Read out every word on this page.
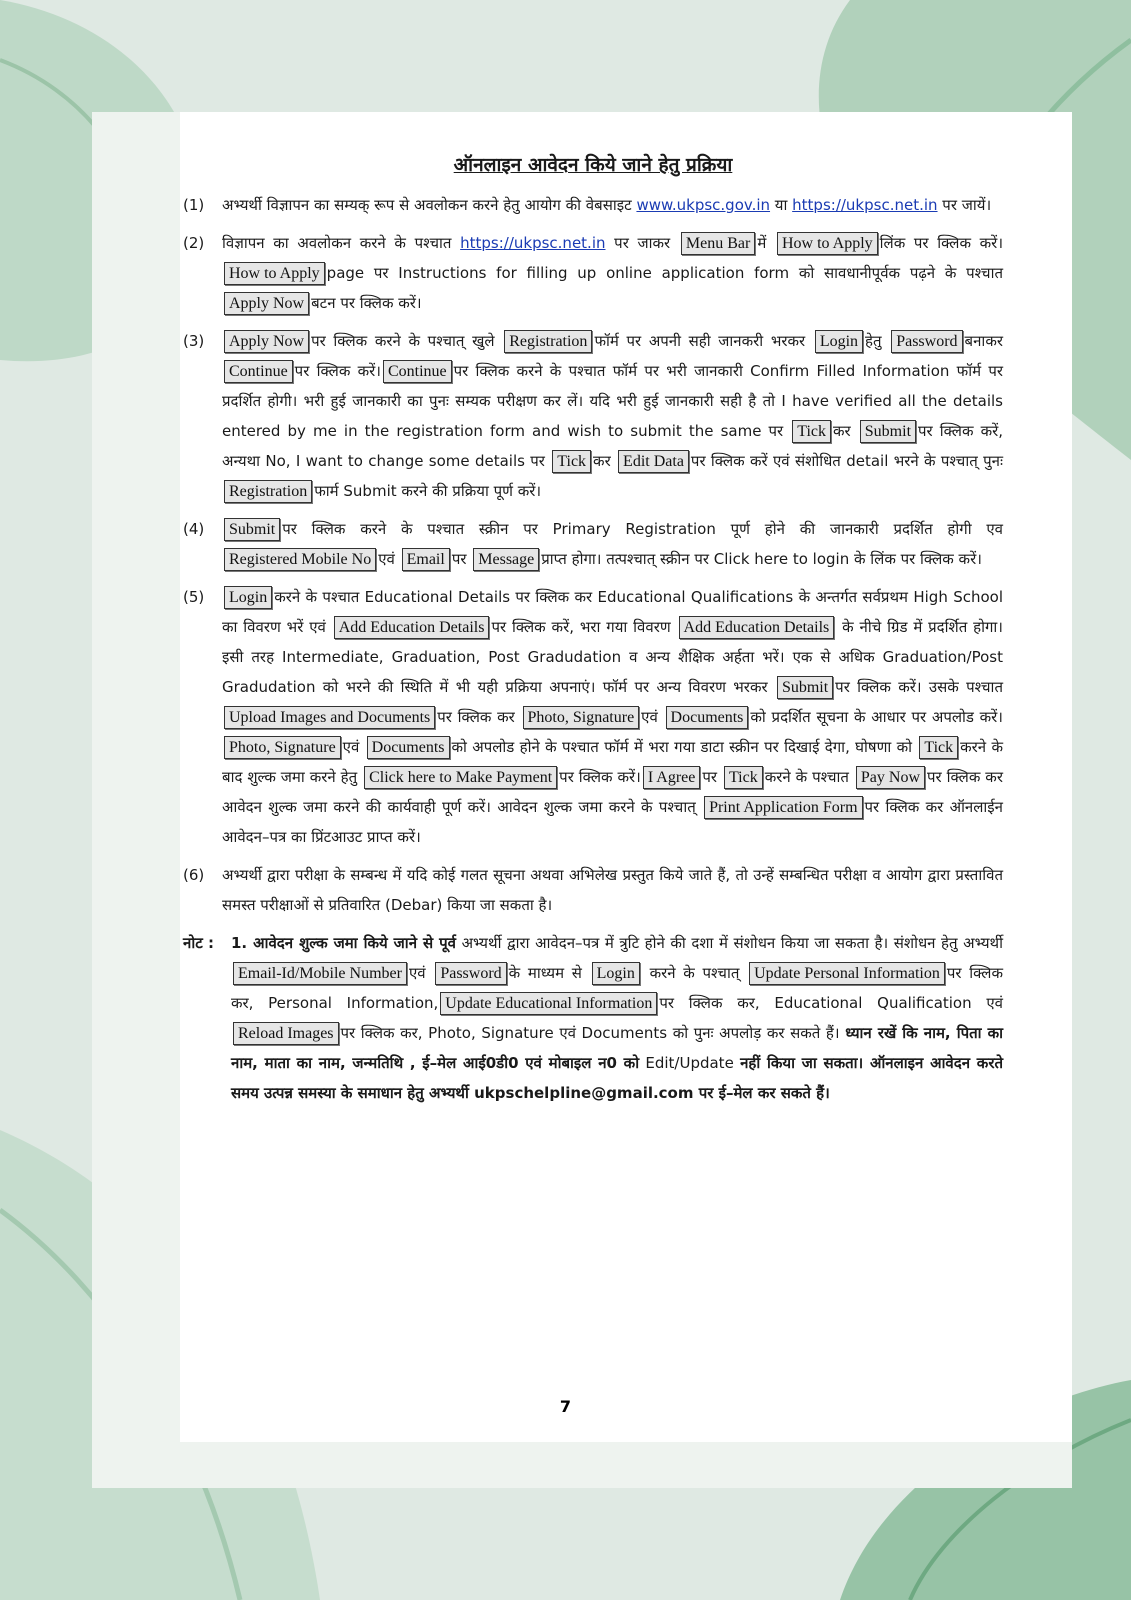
ऑनलाइन आवेदन किये जाने हेतु प्रक्रिया
(1)	अभ्यर्थी विज्ञापन का सम्यक् रूप से अवलोकन करने हेतु आयोग की वेबसाइट www.ukpsc.gov.in या https://ukpsc.net.in पर जायें।
(2)	विज्ञापन का अवलोकन करने के पश्चात https://ukpsc.net.in पर जाकर Menu Bar में How to Apply लिंक पर क्लिक करें।How to Apply page पर Instructions for filling up online application form को सावधानीपूर्वक पढ़ने के पश्चात Apply Now बटन पर क्लिक करें।
(3)	Apply Now पर क्लिक करने के पश्चात् खुले Registration फॉर्म पर अपनी सही जानकरी भरकर Login हेतु Password बनाकर Continue पर क्लिक करें। Continue पर क्लिक करने के पश्चात फॉर्म पर भरी जानकारी Confirm Filled Information फॉर्म पर प्रदर्शित होगी। भरी हुई जानकारी का पुनः सम्यक परीक्षण कर लें। यदि भरी हुई जानकारी सही है तो I have verified all the details entered by me in the registration form and wish to submit the same पर Tick कर Submit पर क्लिक करें, अन्यथा No, I want to change some details पर Tick कर Edit Data पर क्लिक करें एवं संशोधित detail भरने के पश्चात् पुनः Registration फार्म Submit करने की प्रक्रिया पूर्ण करें।
(4)	Submit पर क्लिक करने के पश्चात स्क्रीन पर Primary Registration पूर्ण होने की जानकारी प्रदर्शित होगी एव Registered Mobile No एवं Email पर Message प्राप्त होगा। तत्पश्चात् स्क्रीन पर Click here to login के लिंक पर क्लिक करें।
(5)	Login करने के पश्चात Educational Details पर क्लिक कर Educational Qualifications के अन्तर्गत सर्वप्रथम High School का विवरण भरें एवं Add Education Details पर क्लिक करें, भरा गया विवरण Add Education Details के नीचे ग्रिड में प्रदर्शित होगा। इसी तरह Intermediate, Graduation, Post Gradudation व अन्य शैक्षिक अर्हता भरें। एक से अधिक Graduation/Post Gradudation को भरने की स्थिति में भी यही प्रक्रिया अपनाएं। फॉर्म पर अन्य विवरण भरकर Submit पर क्लिक करें। उसके पश्चात Upload Images and Documents पर क्लिक कर Photo, Signature एवं Documents को प्रदर्शित सूचना के आधार पर अपलोड करें।Photo, Signature एवं Documents को अपलोड होने के पश्चात फॉर्म में भरा गया डाटा स्क्रीन पर दिखाई देगा, घोषणा को Tick करने के बाद शुल्क जमा करने हेतु Click here to Make Payment पर क्लिक करें। I Agree पर Tick करने के पश्चात Pay Now पर क्लिक कर आवेदन शुल्क जमा करने की कार्यवाही पूर्ण करें। आवेदन शुल्क जमा करने के पश्चात् Print Application Form पर क्लिक कर ऑनलाईन आवेदन–पत्र का प्रिंटआउट प्राप्त करें।
(6)	अभ्यर्थी द्वारा परीक्षा के सम्बन्ध में यदि कोई गलत सूचना अथवा अभिलेख प्रस्तुत किये जाते हैं, तो उन्हें सम्बन्धित परीक्षा व आयोग द्वारा प्रस्तावित समस्त परीक्षाओं से प्रतिवारित (Debar) किया जा सकता है।
नोट :	1. आवेदन शुल्क जमा किये जाने से पूर्व अभ्यर्थी द्वारा आवेदन–पत्र में त्रुटि होने की दशा में संशोधन किया जा सकता है। संशोधन हेतु अभ्यर्थी Email-Id/Mobile Number एवं Password के माध्यम से Login करने के पश्चात् Update Personal Information पर क्लिक कर, Personal Information, Update Educational Information पर क्लिक कर, Educational Qualification एवं Reload Images पर क्लिक कर, Photo, Signature एवं Documents को पुनः अपलोड़ कर सकते हैं। ध्यान रखें कि नाम, पिता का नाम, माता का नाम, जन्मतिथि , ई–मेल आई0डी0 एवं मोबाइल न0 को Edit/Update नहीं किया जा सकता। ऑनलाइन आवेदन करते समय उत्पन्न समस्या के समाधान हेतु अभ्यर्थी ukpschelpline@gmail.com पर ई–मेल कर सकते हैं।
7
